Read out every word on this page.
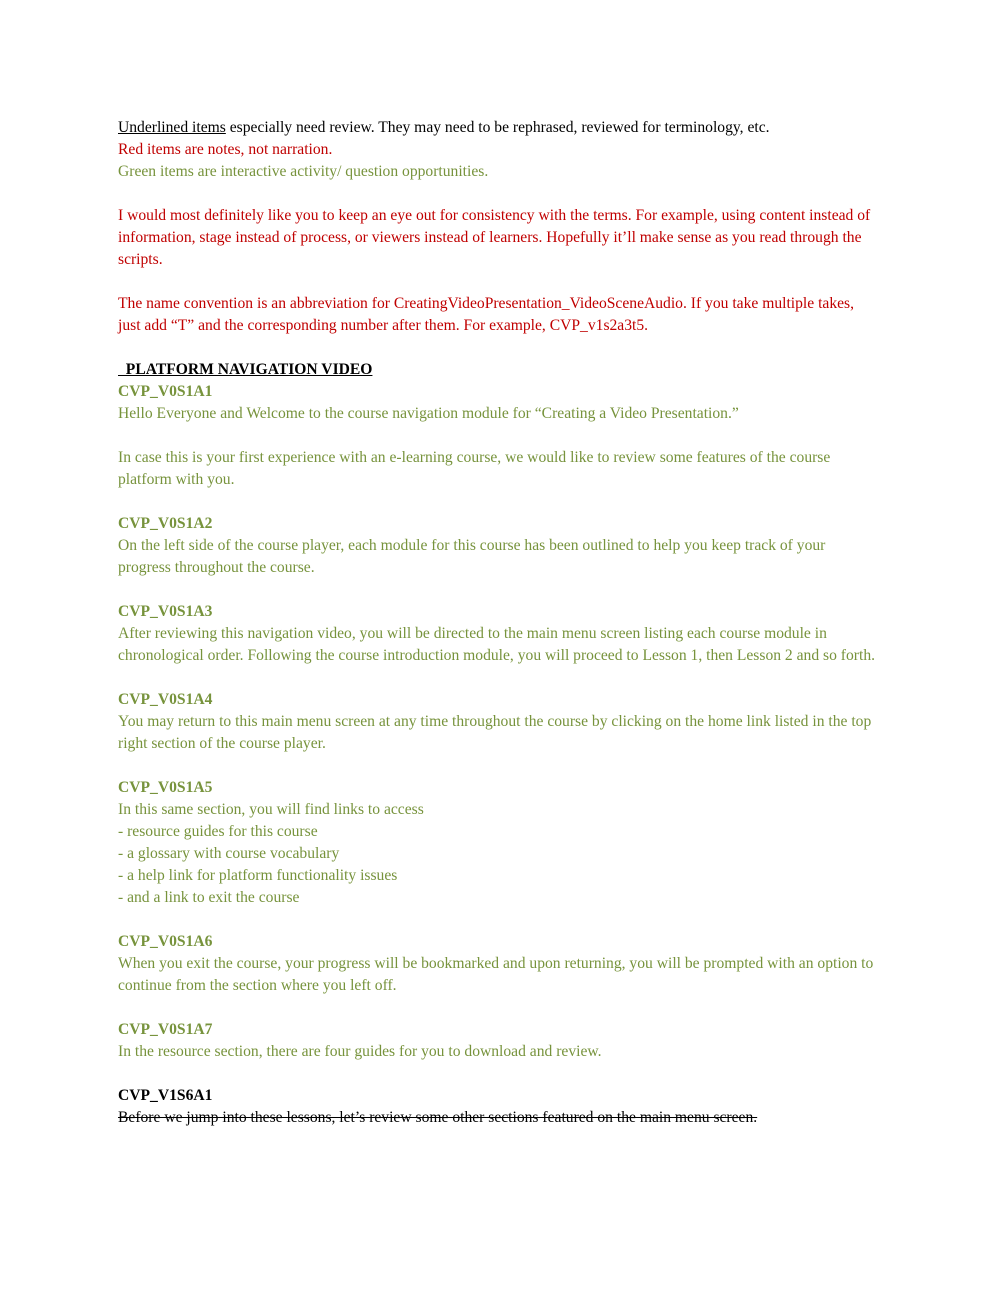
Underlined items especially need review. They may need to be rephrased, reviewed for terminology, etc.

Red items are notes, not narration.

Green items are interactive activity/ question opportunities.

I would most definitely like you to keep an eye out for consistency with the terms. For example, using content instead of information, stage instead of process, or viewers instead of learners. Hopefully it’ll make sense as you read through the scripts.

The name convention is an abbreviation for CreatingVideoPresentation_VideoSceneAudio. If you take multiple takes, just add “T” and the corresponding number after them. For example, CVP_v1s2a3t5.

PLATFORM NAVIGATION VIDEO

CVP_V0S1A1

Hello Everyone and Welcome to the course navigation module for “Creating a Video Presentation.”

In case this is your first experience with an e-learning course, we would like to review some features of the course platform with you.

CVP_V0S1A2

On the left side of the course player, each module for this course has been outlined to help you keep track of your progress throughout the course.

CVP_V0S1A3

After reviewing this navigation video, you will be directed to the main menu screen listing each course module in chronological order. Following the course introduction module, you will proceed to Lesson 1, then Lesson 2 and so forth.

CVP_V0S1A4

You may return to this main menu screen at any time throughout the course by clicking on the home link listed in the top right section of the course player.

CVP_V0S1A5

In this same section, you will find links to access

- resource guides for this course

- a glossary with course vocabulary

- a help link for platform functionality issues

- and a link to exit the course

CVP_V0S1A6

When you exit the course, your progress will be bookmarked and upon returning, you will be prompted with an option to continue from the section where you left off.

CVP_V0S1A7

In the resource section, there are four guides for you to download and review.

CVP_V1S6A1

Before we jump into these lessons, let’s review some other sections featured on the main menu screen.
